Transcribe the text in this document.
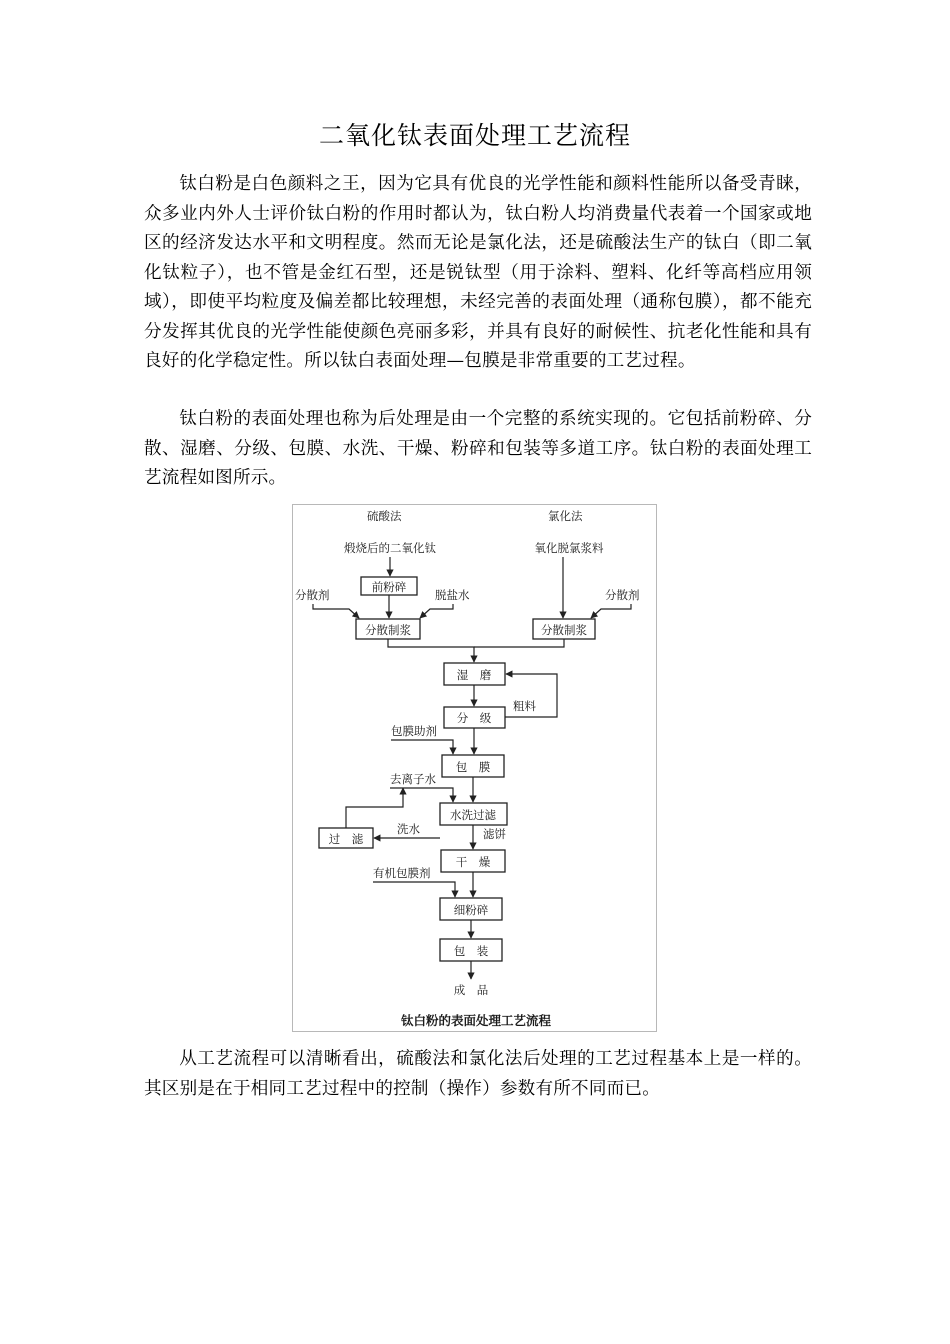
二氧化钛表面处理工艺流程

钛白粉是白色颜料之王，因为它具有优良的光学性能和颜料性能所以备受青睐，众多业内外人士评价钛白粉的作用时都认为，钛白粉人均消费量代表着一个国家或地区的经济发达水平和文明程度。然而无论是氯化法，还是硫酸法生产的钛白（即二氧化钛粒子），也不管是金红石型，还是锐钛型（用于涂料、塑料、化纤等高档应用领域），即使平均粒度及偏差都比较理想，未经完善的表面处理（通称包膜），都不能充分发挥其优良的光学性能使颜色亮丽多彩，并具有良好的耐候性、抗老化性能和具有良好的化学稳定性。所以钛白表面处理—包膜是非常重要的工艺过程。

钛白粉的表面处理也称为后处理是由一个完整的系统实现的。它包括前粉碎、分散、湿磨、分级、包膜、水洗、干燥、粉碎和包装等多道工序。钛白粉的表面处理工艺流程如图所示。

硫酸法	氯化法
煅烧后的二氧化钛
前粉碎
分散剂	脱盐水
分散制浆
氧化脱氯浆料
分散剂
分散制浆
湿　磨
粗料
分　级
包膜助剂
包　膜
去离子水
水洗过滤
过　滤
洗水	滤饼
干　燥
有机包膜剂
细粉碎
包　装
成　品
钛白粉的表面处理工艺流程

从工艺流程可以清晰看出，硫酸法和氯化法后处理的工艺过程基本上是一样的。其区别是在于相同工艺过程中的控制（操作）参数有所不同而已。
